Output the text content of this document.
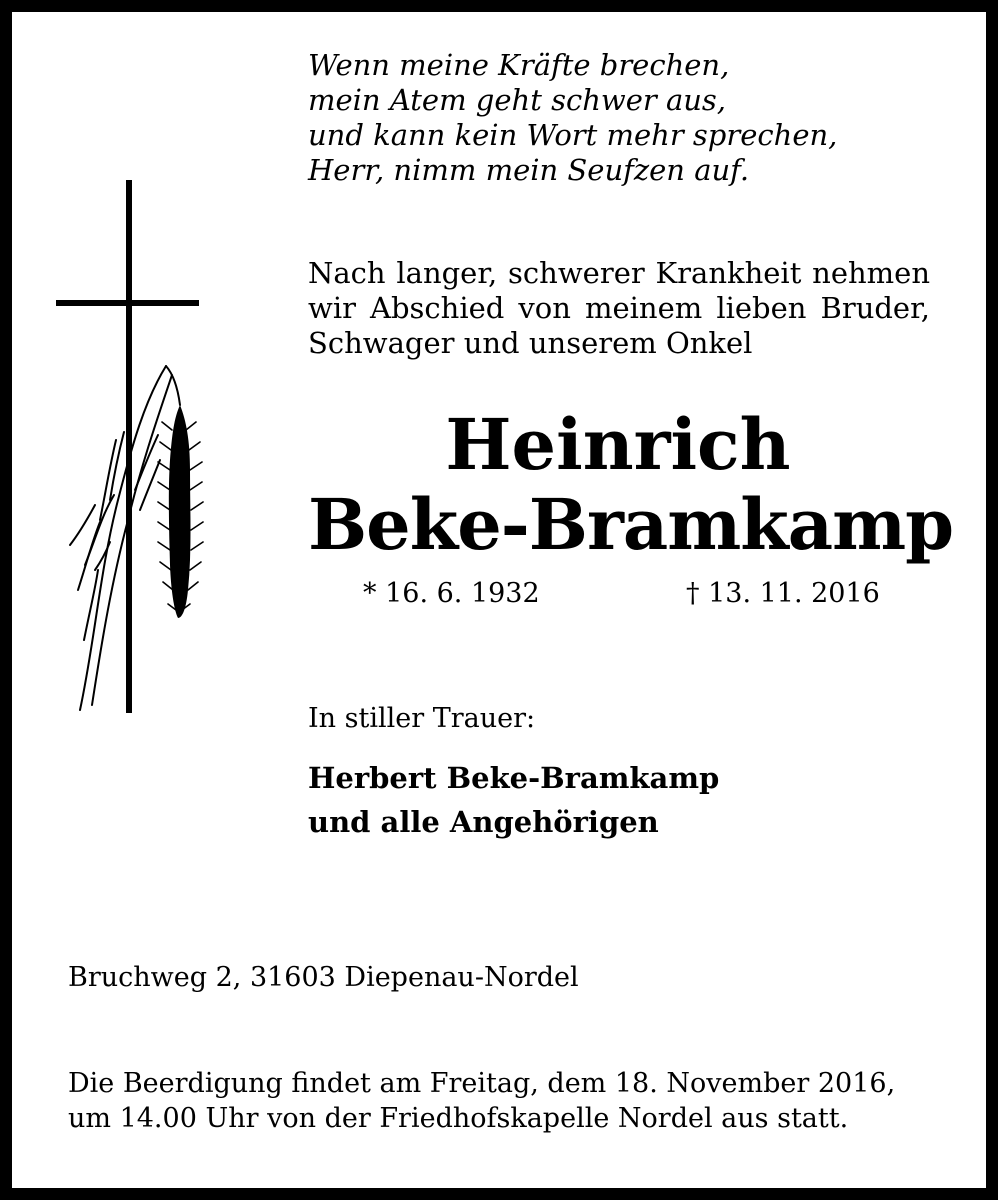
Wenn meine Kräfte brechen,
mein Atem geht schwer aus,
und kann kein Wort mehr sprechen,
Herr, nimm mein Seufzen auf.
Nach langer, schwerer Krankheit nehmen
wir Abschied von meinem lieben Bruder,
Schwager und unserem Onkel
Heinrich
Beke-Bramkamp
* 16. 6. 1932	† 13. 11. 2016
In stiller Trauer:
Herbert Beke-Bramkamp
und alle Angehörigen
Bruchweg 2, 31603 Diepenau-Nordel
Die Beerdigung findet am Freitag, dem 18. November 2016,
um 14.00 Uhr von der Friedhofskapelle Nordel aus statt.
